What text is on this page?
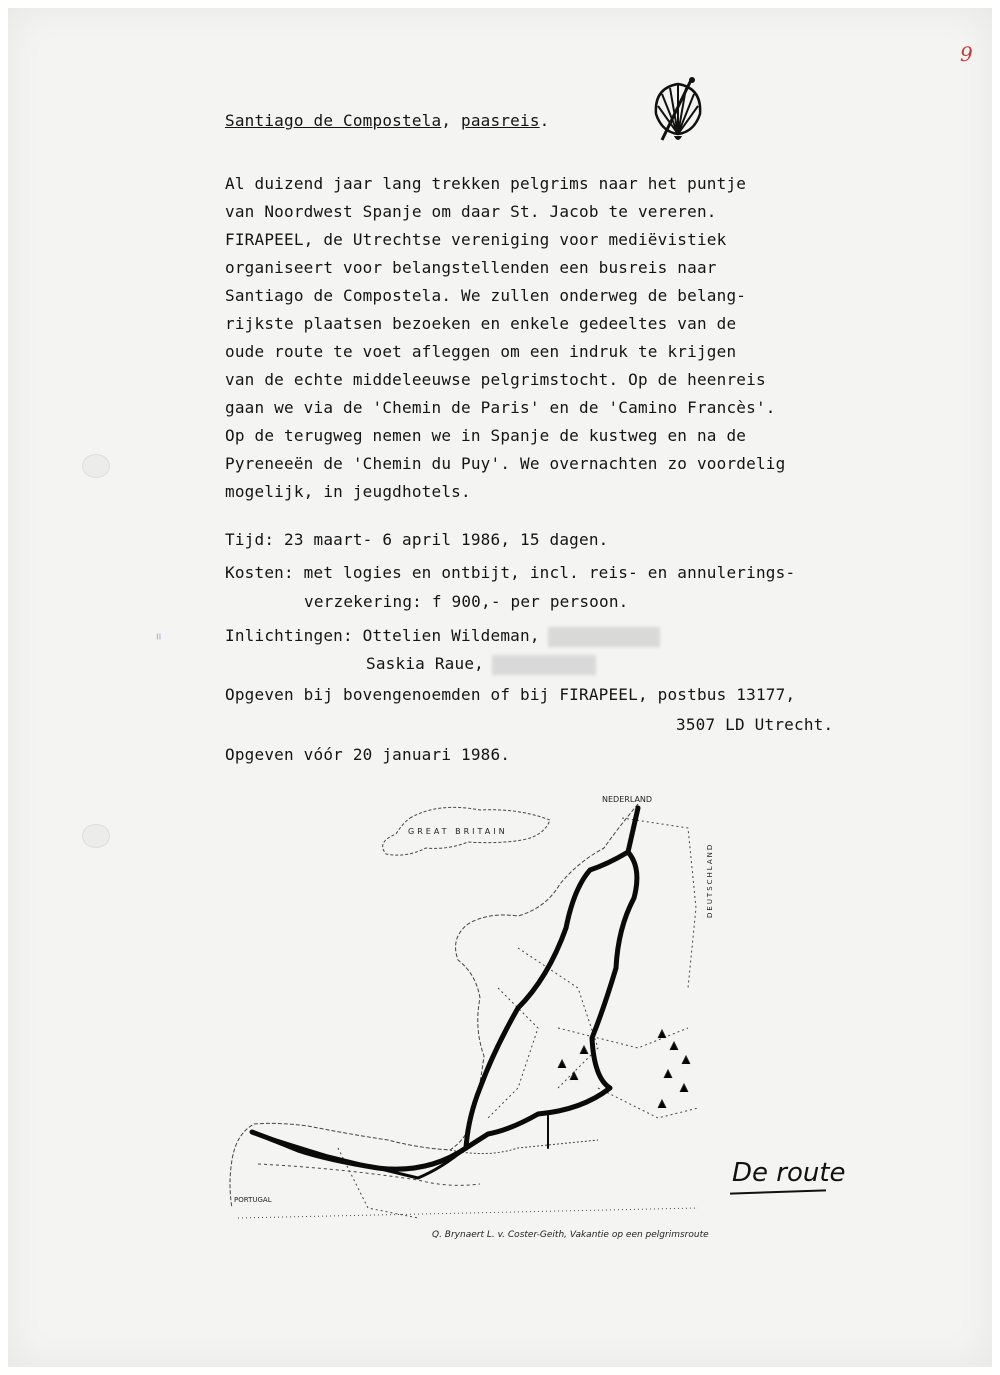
9
ᴵᴵ
Santiago de Compostela, paasreis.
Al duizend jaar lang trekken pelgrims naar het puntje
van Noordwest Spanje om daar St. Jacob te vereren.
FIRAPEEL, de Utrechtse vereniging voor mediëvistiek
organiseert voor belangstellenden een busreis naar
Santiago de Compostela. We zullen onderweg de belang-
rijkste plaatsen bezoeken en enkele gedeeltes van de
oude route te voet afleggen om een indruk te krijgen
van de echte middeleeuwse pelgrimstocht. Op de heenreis
gaan we via de 'Chemin de Paris' en de 'Camino Francès'.
Op de terugweg nemen we in Spanje de kustweg en na de
Pyreneeën de 'Chemin du Puy'. We overnachten zo voordelig
mogelijk, in jeugdhotels.
Tijd: 23 maart- 6 april 1986, 15 dagen.
Kosten: met logies en ontbijt, incl. reis- en annulerings-
verzekering: f 900,- per persoon.
Inlichtingen: Ottelien Wildeman,
Saskia Raue,
Opgeven bij bovengenoemden of bij FIRAPEEL, postbus 13177,
3507 LD Utrecht.
Opgeven vóór 20 januari 1986.
NEDERLAND
GREAT BRITAIN
DEUTSCHLAND
PORTUGAL
De route
Q. Brynaert L. v. Coster-Geith, Vakantie op een pelgrimsroute
